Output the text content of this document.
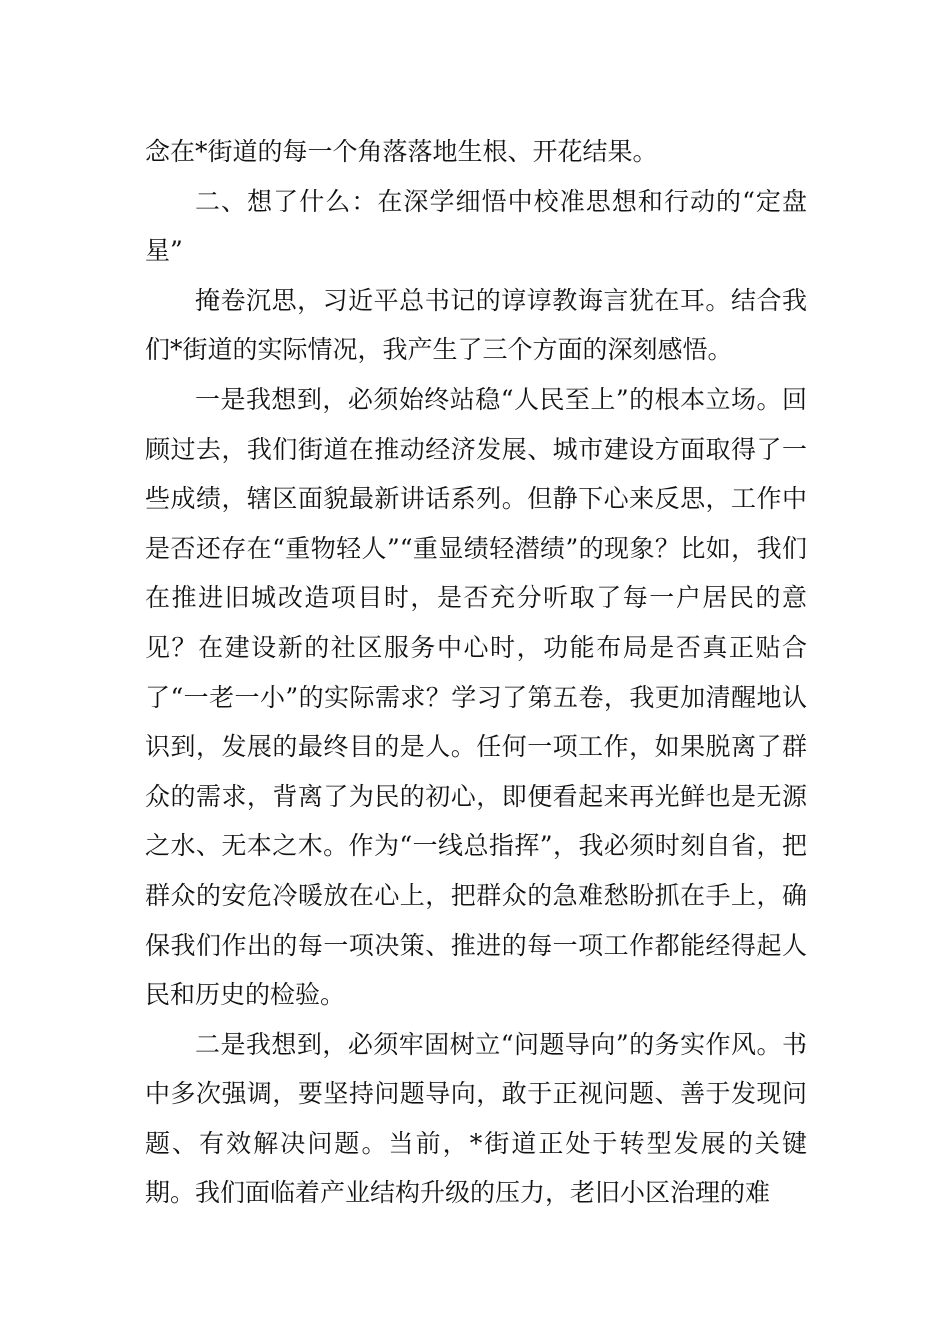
念在*街道的每一个角落落地生根、开花结果。

二、想了什么：在深学细悟中校准思想和行动的“定盘星”

掩卷沉思，习近平总书记的谆谆教诲言犹在耳。结合我们*街道的实际情况，我产生了三个方面的深刻感悟。

一是我想到，必须始终站稳“人民至上”的根本立场。回顾过去，我们街道在推动经济发展、城市建设方面取得了一些成绩，辖区面貌最新讲话系列。但静下心来反思，工作中是否还存在“重物轻人”“重显绩轻潜绩”的现象？比如，我们在推进旧城改造项目时，是否充分听取了每一户居民的意见？在建设新的社区服务中心时，功能布局是否真正贴合了“一老一小”的实际需求？学习了第五卷，我更加清醒地认识到，发展的最终目的是人。任何一项工作，如果脱离了群众的需求，背离了为民的初心，即便看起来再光鲜也是无源之水、无本之木。作为“一线总指挥”，我必须时刻自省，把群众的安危冷暖放在心上，把群众的急难愁盼抓在手上，确保我们作出的每一项决策、推进的每一项工作都能经得起人民和历史的检验。

二是我想到，必须牢固树立“问题导向”的务实作风。书中多次强调，要坚持问题导向，敢于正视问题、善于发现问题、有效解决问题。当前，*街道正处于转型发展的关键期。我们面临着产业结构升级的压力，老旧小区治理的难
